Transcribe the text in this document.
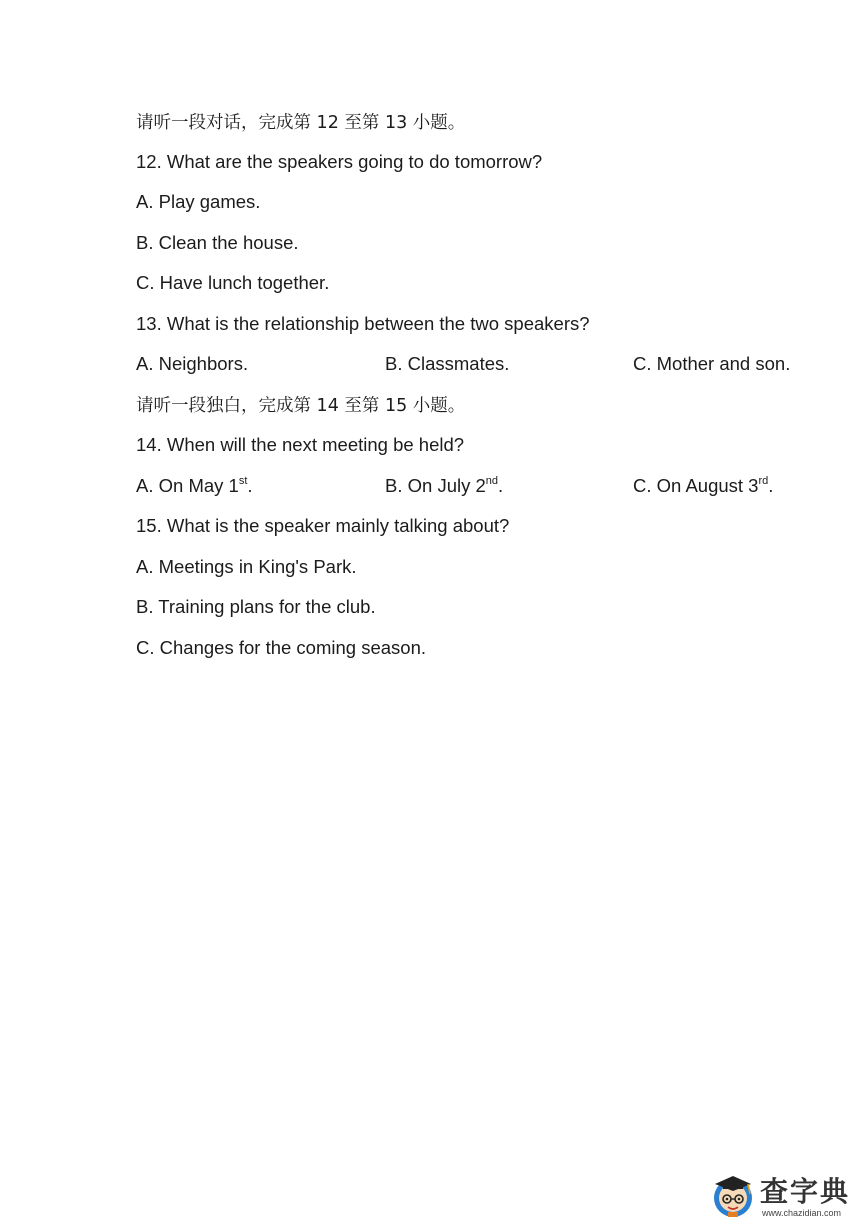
请听一段对话，完成第 12 至第 13 小题。
12. What are the speakers going to do tomorrow?
A. Play games.
B. Clean the house.
C. Have lunch together.
13. What is the relationship between the two speakers?
A. Neighbors.	B. Classmates.	C. Mother and son.
请听一段独白，完成第 14 至第 15 小题。
14. When will the next meeting be held?
A. On May 1st.	B. On July 2nd.	C. On August 3rd.
15. What is the speaker mainly talking about?
A. Meetings in King's Park.
B. Training plans for the club.
C. Changes for the coming season.
查字典
www.chazidian.com
